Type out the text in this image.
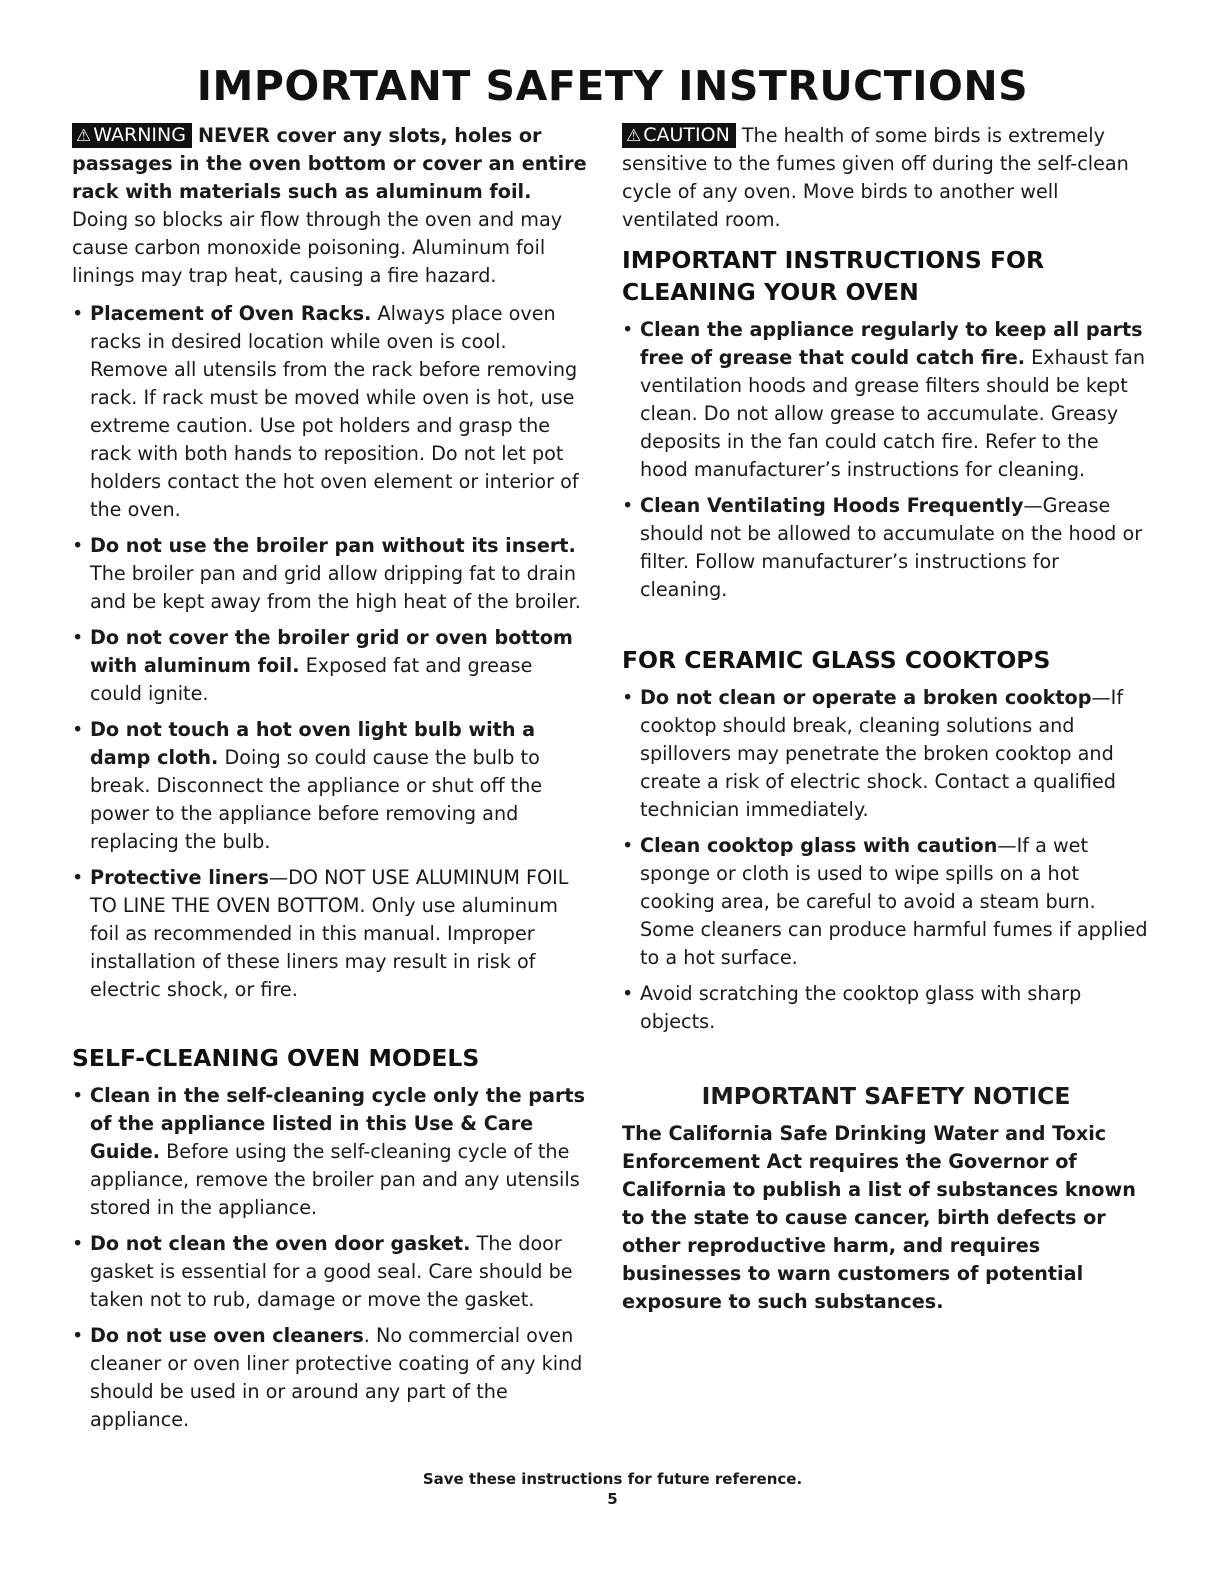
IMPORTANT SAFETY INSTRUCTIONS

⚠ WARNING NEVER cover any slots, holes or passages in the oven bottom or cover an entire rack with materials such as aluminum foil. Doing so blocks air flow through the oven and may cause carbon monoxide poisoning. Aluminum foil linings may trap heat, causing a fire hazard.

• Placement of Oven Racks. Always place oven racks in desired location while oven is cool. Remove all utensils from the rack before removing rack. If rack must be moved while oven is hot, use extreme caution. Use pot holders and grasp the rack with both hands to reposition. Do not let pot holders contact the hot oven element or interior of the oven.
• Do not use the broiler pan without its insert. The broiler pan and grid allow dripping fat to drain and be kept away from the high heat of the broiler.
• Do not cover the broiler grid or oven bottom with aluminum foil. Exposed fat and grease could ignite.
• Do not touch a hot oven light bulb with a damp cloth. Doing so could cause the bulb to break. Disconnect the appliance or shut off the power to the appliance before removing and replacing the bulb.
• Protective liners—DO NOT USE ALUMINUM FOIL TO LINE THE OVEN BOTTOM. Only use aluminum foil as recommended in this manual. Improper installation of these liners may result in risk of electric shock, or fire.
SELF-CLEANING OVEN MODELS
• Clean in the self-cleaning cycle only the parts of the appliance listed in this Use & Care Guide. Before using the self-cleaning cycle of the appliance, remove the broiler pan and any utensils stored in the appliance.
• Do not clean the oven door gasket. The door gasket is essential for a good seal. Care should be taken not to rub, damage or move the gasket.
• Do not use oven cleaners. No commercial oven cleaner or oven liner protective coating of any kind should be used in or around any part of the appliance.

⚠ CAUTION The health of some birds is extremely sensitive to the fumes given off during the self-clean cycle of any oven. Move birds to another well ventilated room.

IMPORTANT INSTRUCTIONS FOR CLEANING YOUR OVEN
• Clean the appliance regularly to keep all parts free of grease that could catch fire. Exhaust fan ventilation hoods and grease filters should be kept clean. Do not allow grease to accumulate. Greasy deposits in the fan could catch fire. Refer to the hood manufacturer’s instructions for cleaning.
• Clean Ventilating Hoods Frequently—Grease should not be allowed to accumulate on the hood or filter. Follow manufacturer’s instructions for cleaning.
FOR CERAMIC GLASS COOKTOPS
• Do not clean or operate a broken cooktop—If cooktop should break, cleaning solutions and spillovers may penetrate the broken cooktop and create a risk of electric shock. Contact a qualified technician immediately.
• Clean cooktop glass with caution—If a wet sponge or cloth is used to wipe spills on a hot cooking area, be careful to avoid a steam burn. Some cleaners can produce harmful fumes if applied to a hot surface.
• Avoid scratching the cooktop glass with sharp objects.
IMPORTANT SAFETY NOTICE

The California Safe Drinking Water and Toxic Enforcement Act requires the Governor of California to publish a list of substances known to the state to cause cancer, birth defects or other reproductive harm, and requires businesses to warn customers of potential exposure to such substances.

Save these instructions for future reference.
5
